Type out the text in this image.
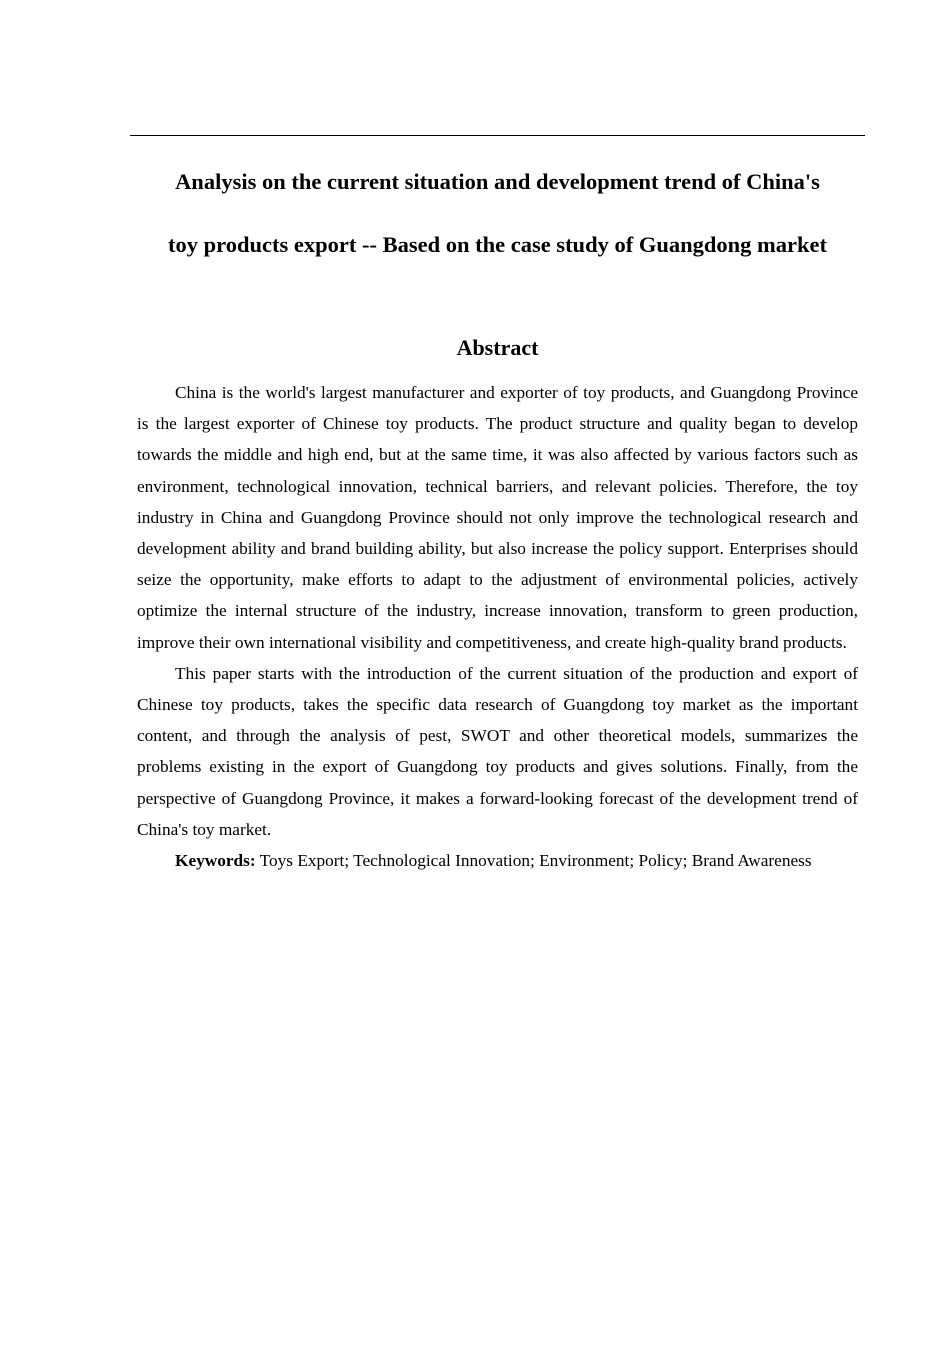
Analysis on the current situation and development trend of China's
toy products export -- Based on the case study of Guangdong market
Abstract

China is the world's largest manufacturer and exporter of toy products, and Guangdong Province is the largest exporter of Chinese toy products. The product structure and quality began to develop towards the middle and high end, but at the same time, it was also affected by various factors such as environment, technological innovation, technical barriers, and relevant policies. Therefore, the toy industry in China and Guangdong Province should not only improve the technological research and development ability and brand building ability, but also increase the policy support. Enterprises should seize the opportunity, make efforts to adapt to the adjustment of environmental policies, actively optimize the internal structure of the industry, increase innovation, transform to green production, improve their own international visibility and competitiveness, and create high-quality brand products.

This paper starts with the introduction of the current situation of the production and export of Chinese toy products, takes the specific data research of Guangdong toy market as the important content, and through the analysis of pest, SWOT and other theoretical models, summarizes the problems existing in the export of Guangdong toy products and gives solutions. Finally, from the perspective of Guangdong Province, it makes a forward-looking forecast of the development trend of China's toy market.

Keywords: Toys Export; Technological Innovation; Environment; Policy; Brand Awareness
